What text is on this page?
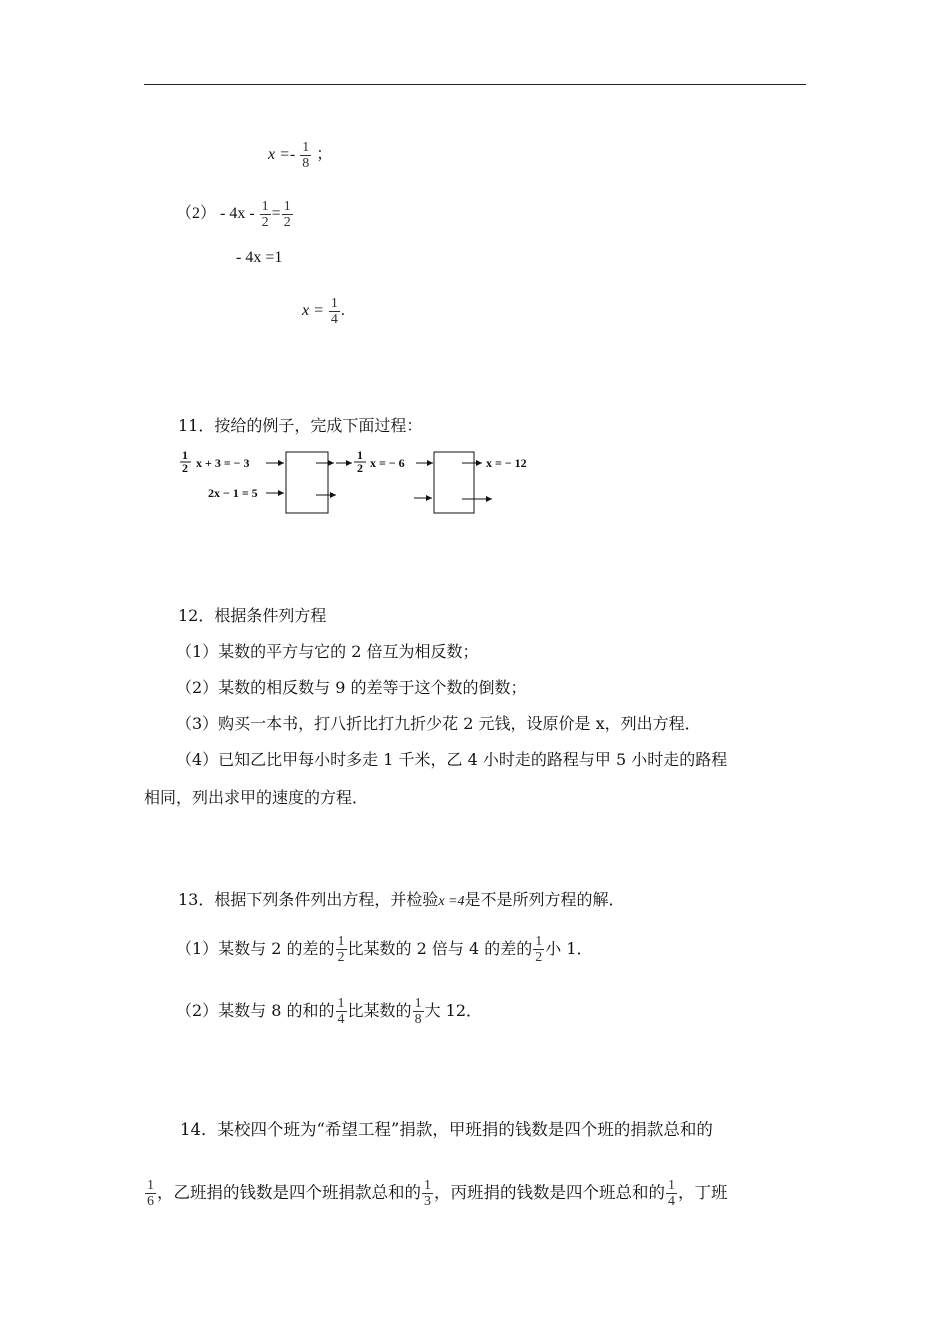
$x =- \frac{1}{8}$ ；
$(2) - 4x - \frac{1}{2} = \frac{1}{2}$
- 4x =1
$x = \frac{1}{4}$ .
11．按给的例子，完成下面过程：
1
2 x + 3 = − 3
1
2 x = − 6	x = − 12
2x − 1 = 5
12．根据条件列方程
（1）某数的平方与它的 2 倍互为相反数；
（2）某数的相反数与 9 的差等于这个数的倒数；
（3）购买一本书，打八折比打九折少花 2 元钱，设原价是 x，列出方程．
（4）已知乙比甲每小时多走 1 千米，乙 4 小时走的路程与甲 5 小时走的路程
相同，列出求甲的速度的方程．
13．根据下列条件列出方程，并检验x =4是不是所列方程的解．
（1）某数与 2 的差的 $\frac{1}{2}$ 比某数的 2 倍与 4 的差的 $\frac{1}{2}$ 小 1．
（2）某数与 8 的和的 $\frac{1}{4}$ 比某数的 $\frac{1}{8}$ 大 12．
14．某校四个班为“希望工程”捐款，甲班捐的钱数是四个班的捐款总和的
$\frac{1}{6}$ ，乙班捐的钱数是四个班捐款总和的 $\frac{1}{3}$ ，丙班捐的钱数是四个班总和的 $\frac{1}{4}$ ，丁班
